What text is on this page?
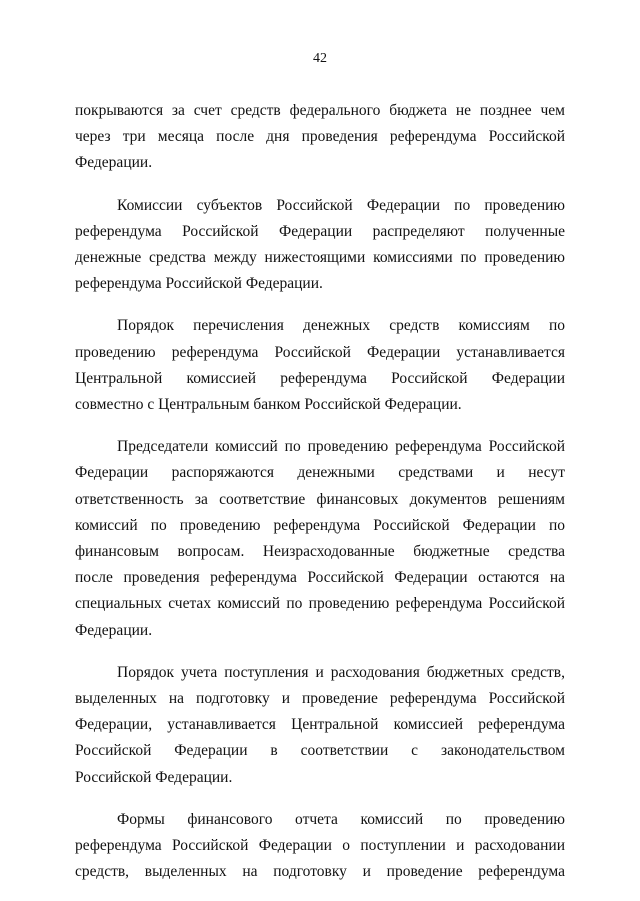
42

покрываются за счет средств федерального бюджета не позднее чем
через три месяца после дня проведения референдума Российской
Федерации.

Комиссии субъектов Российской Федерации по проведению
референдума Российской Федерации распределяют полученные
денежные средства между нижестоящими комиссиями по проведению
референдума Российской Федерации.

Порядок перечисления денежных средств комиссиям по
проведению референдума Российской Федерации устанавливается
Центральной комиссией референдума Российской Федерации
совместно с Центральным банком Российской Федерации.

Председатели комиссий по проведению референдума Российской
Федерации распоряжаются денежными средствами и несут
ответственность за соответствие финансовых документов решениям
комиссий по проведению референдума Российской Федерации по
финансовым вопросам. Неизрасходованные бюджетные средства
после проведения референдума Российской Федерации остаются на
специальных счетах комиссий по проведению референдума Российской
Федерации.

Порядок учета поступления и расходования бюджетных средств,
выделенных на подготовку и проведение референдума Российской
Федерации, устанавливается Центральной комиссией референдума
Российской Федерации в соответствии с законодательством
Российской Федерации.

Формы финансового отчета комиссий по проведению
референдума Российской Федерации о поступлении и расходовании
средств, выделенных на подготовку и проведение референдума
